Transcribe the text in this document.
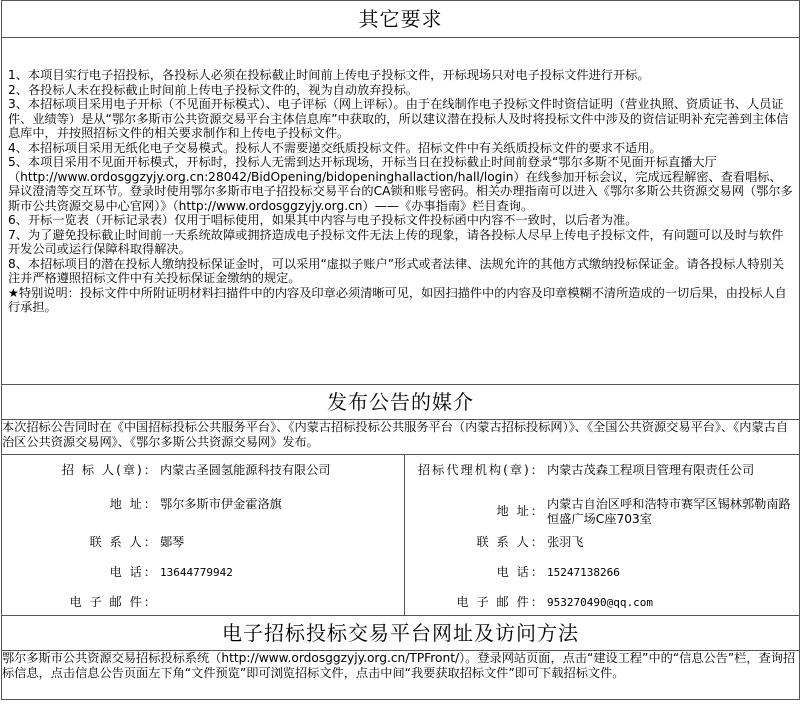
其它要求

1、本项目实行电子招投标，各投标人必须在投标截止时间前上传电子投标文件，开标现场只对电子投标文件进行开标。

2、各投标人未在投标截止时间前上传电子投标文件的，视为自动放弃投标。

3、本招标项目采用电子开标（不见面开标模式）、电子评标（网上评标）。由于在线制作电子投标文件时资信证明（营业执照、资质证书、人员证件、业绩等）是从“鄂尔多斯市公共资源交易平台主体信息库”中获取的，所以建议潜在投标人及时将投标文件中涉及的资信证明补充完善到主体信息库中，并按照招标文件的相关要求制作和上传电子投标文件。

4、本招标项目采用无纸化电子交易模式。投标人不需要递交纸质投标文件。招标文件中有关纸质投标文件的要求不适用。

5、本项目采用不见面开标模式，开标时，投标人无需到达开标现场，开标当日在投标截止时间前登录“鄂尔多斯不见面开标直播大厅（http://www.ordosggzyjy.org.cn:28042/BidOpening/bidopeninghallaction/hall/login）在线参加开标会议，完成远程解密、查看唱标、异议澄清等交互环节。登录时使用鄂尔多斯市电子招投标交易平台的CA锁和账号密码。相关办理指南可以进入《鄂尔多斯公共资源交易网（鄂尔多斯市公共资源交易中心官网）》（http://www.ordosggzyjy.org.cn）——《办事指南》栏目查询。

6、开标一览表（开标记录表）仅用于唱标使用，如果其中内容与电子投标文件投标函中内容不一致时，以后者为准。

7、为了避免投标截止时间前一天系统故障或拥挤造成电子投标文件无法上传的现象，请各投标人尽早上传电子投标文件，有问题可以及时与软件开发公司或运行保障科取得解决。

8、本招标项目的潜在投标人缴纳投标保证金时，可以采用“虚拟子账户”形式或者法律、法规允许的其他方式缴纳投标保证金。请各投标人特别关注并严格遵照招标文件中有关投标保证金缴纳的规定。

★特别说明：投标文件中所附证明材料扫描件中的内容及印章必须清晰可见，如因扫描件中的内容及印章模糊不清所造成的一切后果，由投标人自行承担。

发布公告的媒介
本次招标公告同时在《中国招标投标公共服务平台》、《内蒙古招标投标公共服务平台（内蒙古招标投标网）》、《全国公共资源交易平台》、《内蒙古自治区公共资源交易网》、《鄂尔多斯公共资源交易网》发布。

招 标 人(章)： 内蒙古圣圆氢能源科技有限公司
地 址： 鄂尔多斯市伊金霍洛旗
联 系 人： 鄚琴
电 话： 13644779942
电 子 邮 件：

招标代理机构(章)： 内蒙古茂森工程项目管理有限责任公司
地 址： 内蒙古自治区呼和浩特市赛罕区锡林郭勒南路恒盛广场C座703室
联 系 人： 张羽飞
电 话： 15247138266
电 子 邮 件： 953270490@qq.com

电子招标投标交易平台网址及访问方法
鄂尔多斯市公共资源交易招标投标系统（http://www.ordosggzyjy.org.cn/TPFront/）。登录网站页面，点击“建设工程”中的“信息公告”栏，查询招标信息，点击信息公告页面左下角“文件预览”即可浏览招标文件，点击中间“我要获取招标文件”即可下载招标文件。
